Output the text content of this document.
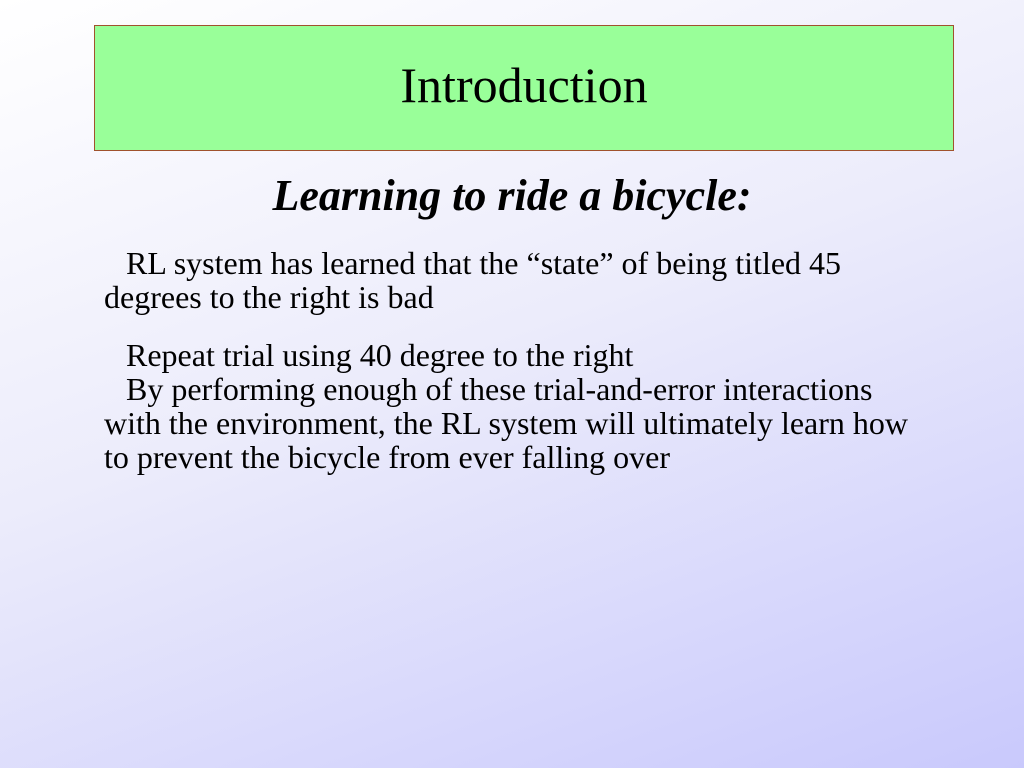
Introduction
Learning to ride a bicycle:

RL system has learned that the “state” of being titled 45 degrees to the right is bad

Repeat trial using 40 degree to the right

By performing enough of these trial-and-error interactions with the environment, the RL system will ultimately learn how to prevent the bicycle from ever falling over
